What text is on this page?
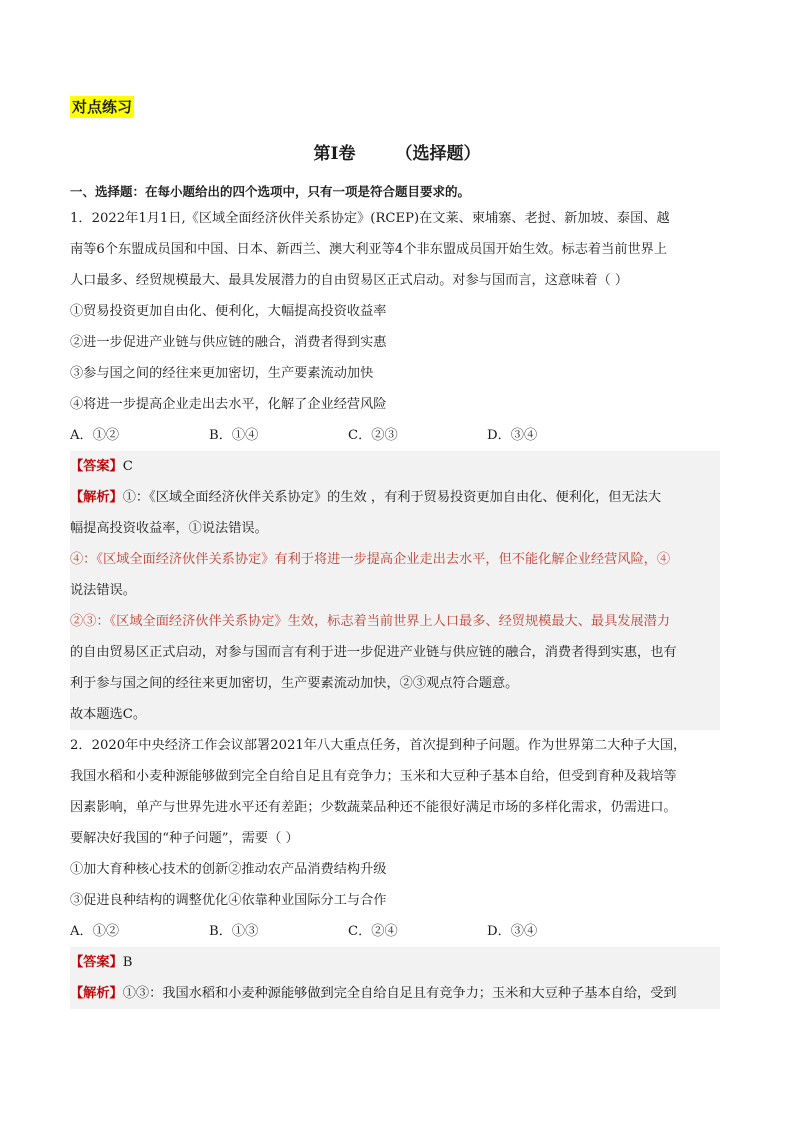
对点练习
第I卷 （选择题）
一、选择题：在每小题给出的四个选项中，只有一项是符合题目要求的。
1．2022年1月1日,《区域全面经济伙伴关系协定》(RCEP)在文莱、柬埔寨、老挝、新加坡、泰国、越
南等6个东盟成员国和中国、日本、新西兰、澳大利亚等4个非东盟成员国开始生效。标志着当前世界上
人口最多、经贸规模最大、最具发展潜力的自由贸易区正式启动。对参与国而言，这意味着（ ）
①贸易投资更加自由化、便利化，大幅提高投资收益率
②进一步促进产业链与供应链的融合，消费者得到实惠
③参与国之间的经往来更加密切，生产要素流动加快
④将进一步提高企业走出去水平，化解了企业经营风险
A．①②	B．①④	C．②③	D．③④
【答案】C
【解析】①：《区域全面经济伙伴关系协定》的生效 ，有利于贸易投资更加自由化、便利化，但无法大
幅提高投资收益率，①说法错误。
④：《区域全面经济伙伴关系协定》有利于将进一步提高企业走出去水平，但不能化解企业经营风险，④
说法错误。
②③：《区域全面经济伙伴关系协定》生效，标志着当前世界上人口最多、经贸规模最大、最具发展潜力
的自由贸易区正式启动，对参与国而言有利于进一步促进产业链与供应链的融合，消费者得到实惠，也有
利于参与国之间的经往来更加密切，生产要素流动加快，②③观点符合题意。
故本题选C。
2．2020年中央经济工作会议部署2021年八大重点任务，首次提到种子问题。作为世界第二大种子大国，
我国水稻和小麦种源能够做到完全自给自足且有竞争力；玉米和大豆种子基本自给，但受到育种及栽培等
因素影响，单产与世界先进水平还有差距；少数蔬菜品种还不能很好满足市场的多样化需求，仍需进口。
要解决好我国的“种子问题”，需要（ ）
①加大育种核心技术的创新②推动农产品消费结构升级
③促进良种结构的调整优化④依靠种业国际分工与合作
A．①②	B．①③	C．②④	D．③④
【答案】B
【解析】①③：我国水稻和小麦种源能够做到完全自给自足且有竞争力；玉米和大豆种子基本自给，受到
